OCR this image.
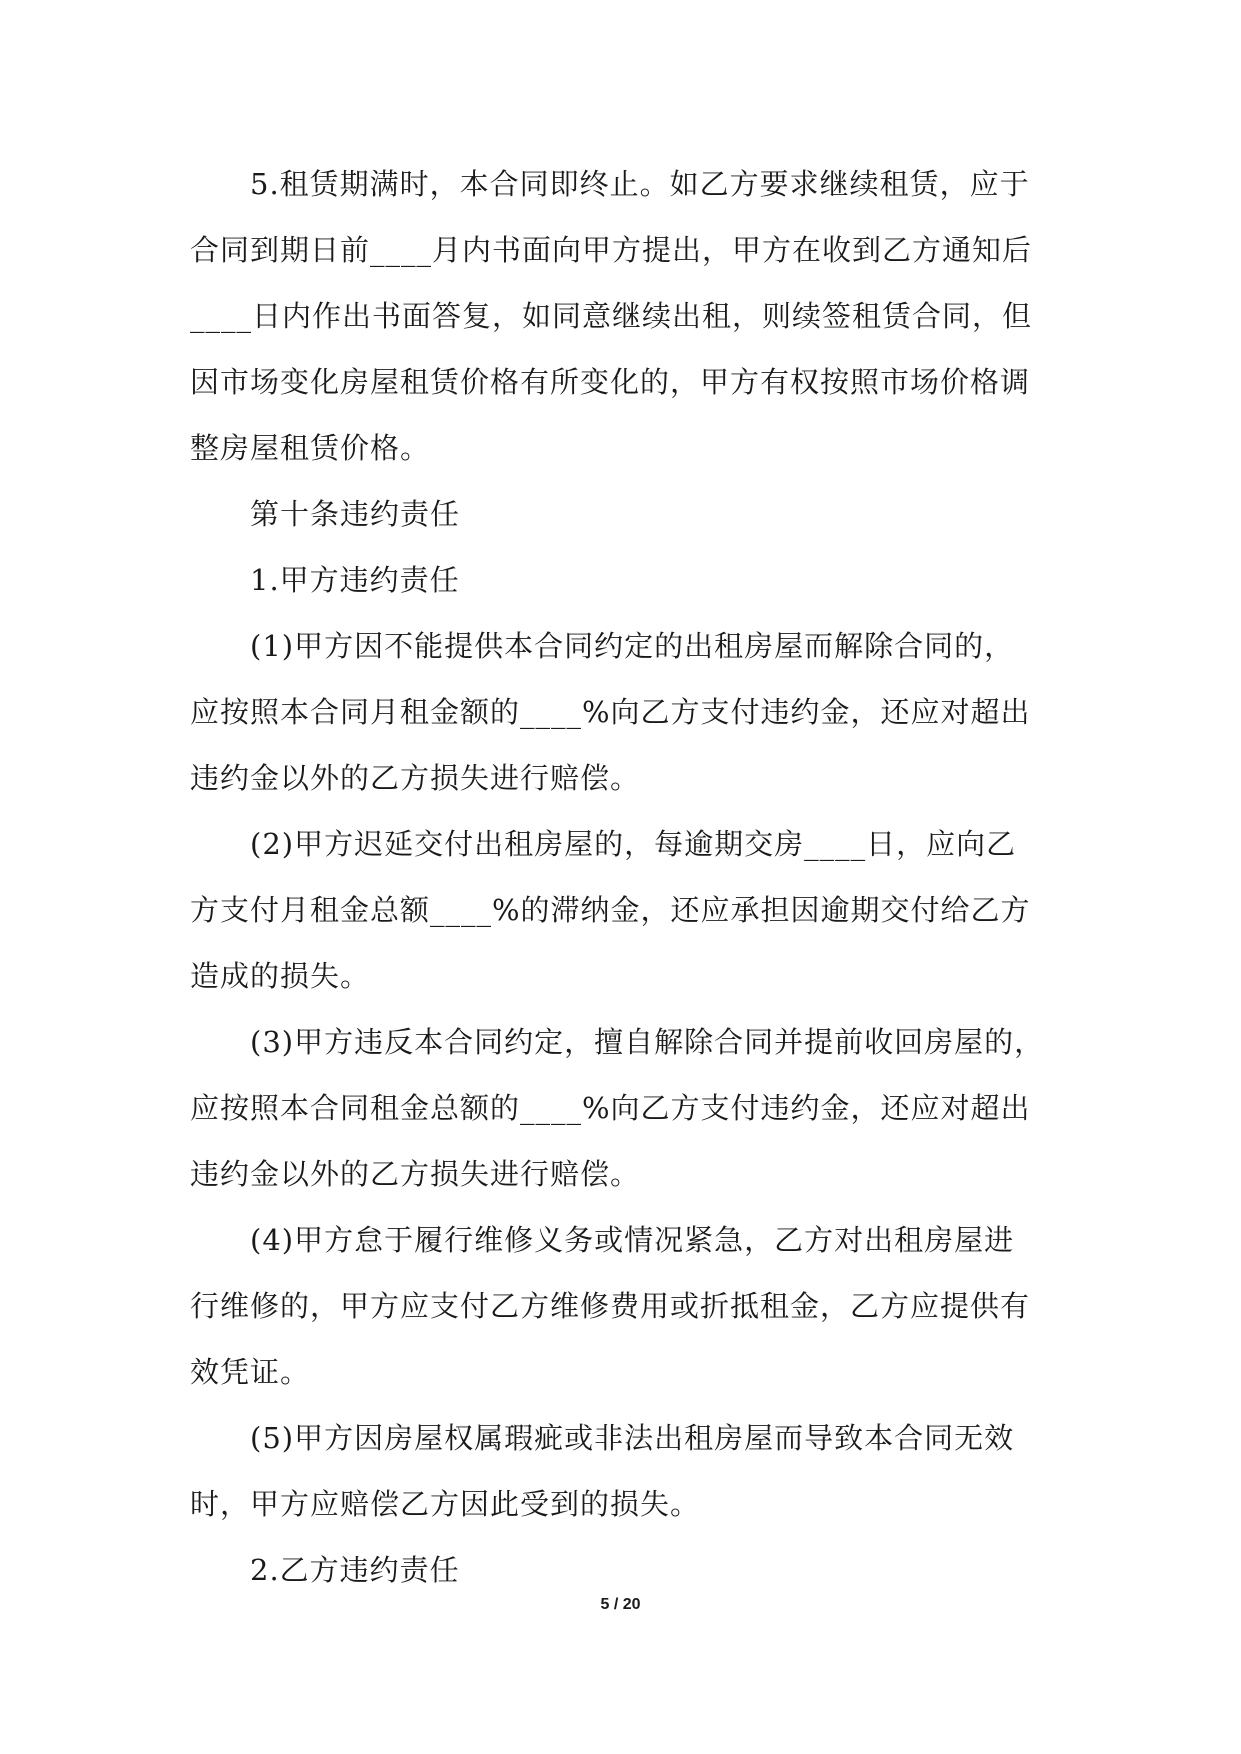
5.租赁期满时，本合同即终止。如乙方要求继续租赁，应于
合同到期日前____月内书面向甲方提出，甲方在收到乙方通知后
____日内作出书面答复，如同意继续出租，则续签租赁合同，但
因市场变化房屋租赁价格有所变化的，甲方有权按照市场价格调
整房屋租赁价格。
第十条违约责任
1.甲方违约责任
(1)甲方因不能提供本合同约定的出租房屋而解除合同的，
应按照本合同月租金额的____%向乙方支付违约金，还应对超出
违约金以外的乙方损失进行赔偿。
(2)甲方迟延交付出租房屋的，每逾期交房____日，应向乙
方支付月租金总额____%的滞纳金，还应承担因逾期交付给乙方
造成的损失。
(3)甲方违反本合同约定，擅自解除合同并提前收回房屋的，
应按照本合同租金总额的____%向乙方支付违约金，还应对超出
违约金以外的乙方损失进行赔偿。
(4)甲方怠于履行维修义务或情况紧急，乙方对出租房屋进
行维修的，甲方应支付乙方维修费用或折抵租金，乙方应提供有
效凭证。
(5)甲方因房屋权属瑕疵或非法出租房屋而导致本合同无效
时，甲方应赔偿乙方因此受到的损失。
2.乙方违约责任
5 / 20
